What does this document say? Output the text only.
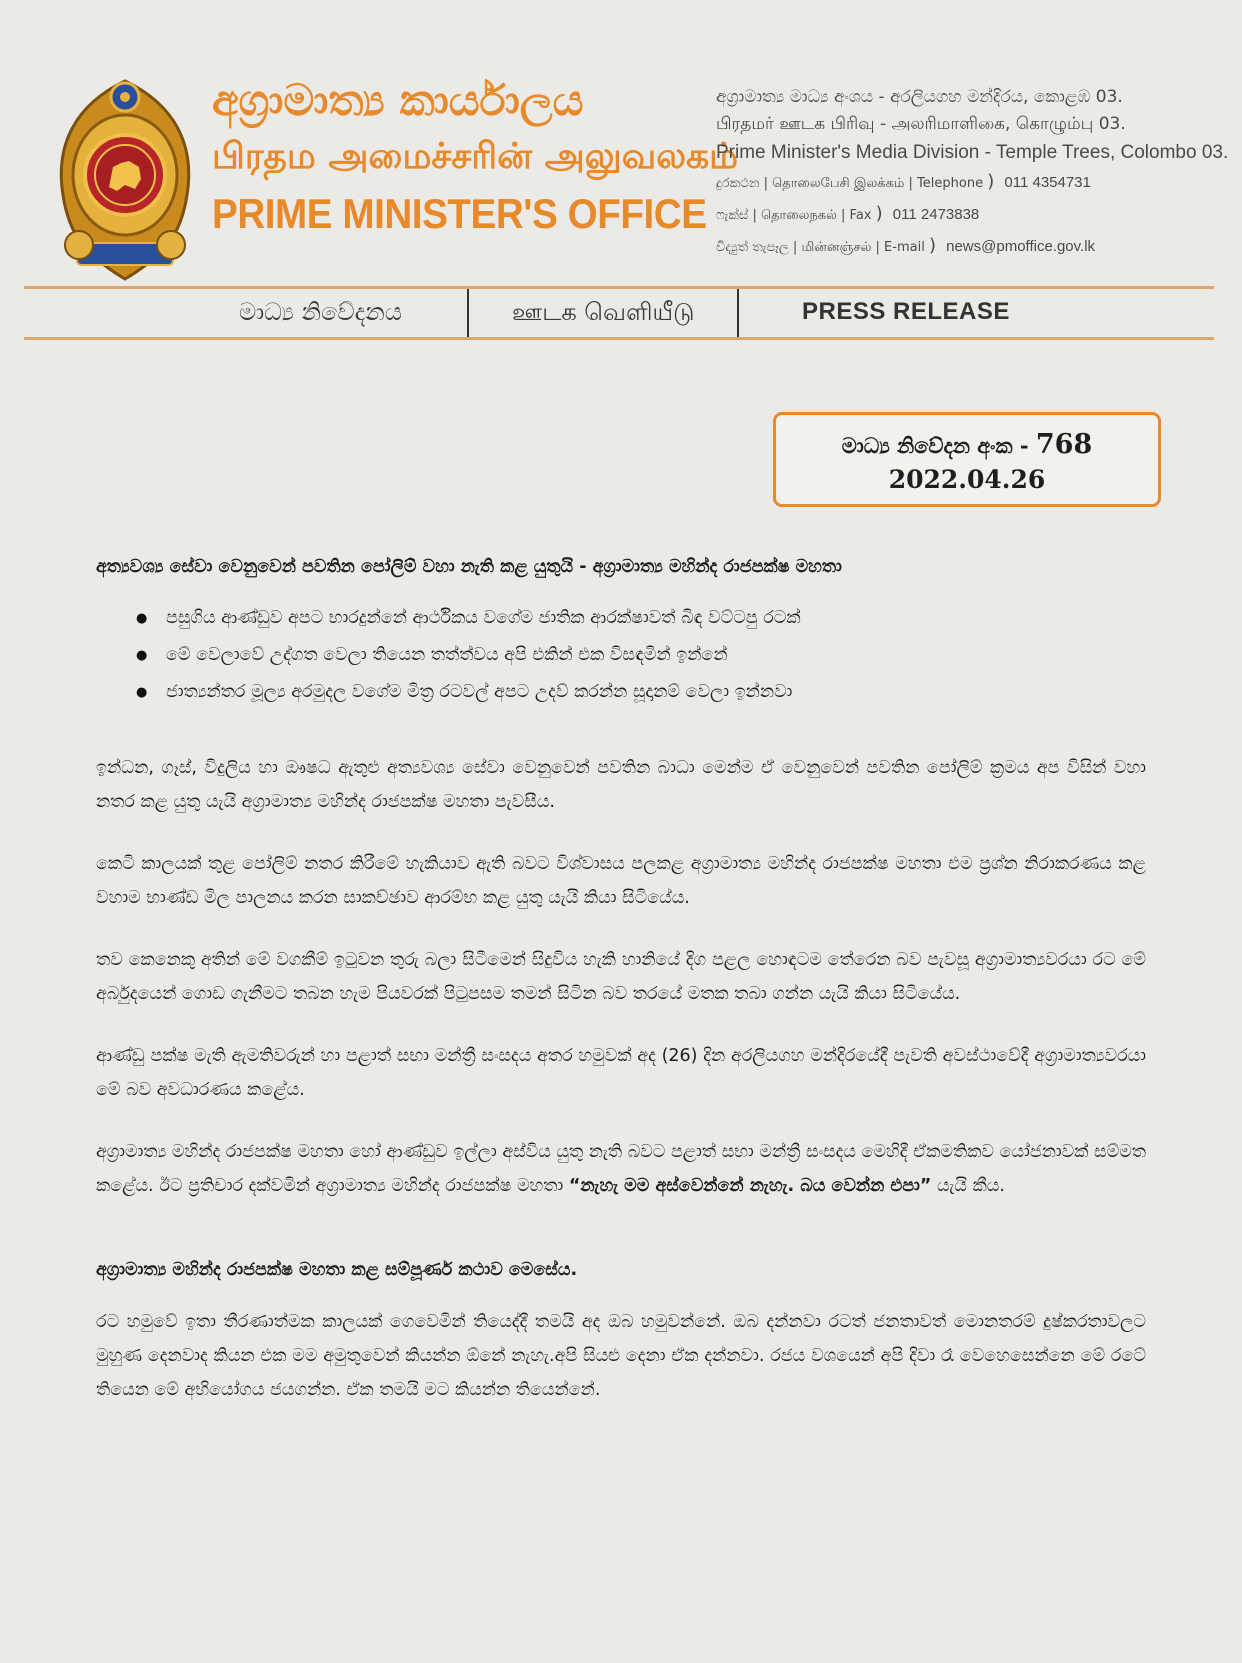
අග්‍රාමාත්‍ය කාර්යාලය
பிரதம அமைச்சரின் அலுவலகம்
PRIME MINISTER'S OFFICE
අග්‍රාමාත්‍ය මාධ්‍ය අංශය - අරලියගහ මන්දිරය, කොළඹ 03.
பிரதமர் ஊடக பிரிவு - அலரிமாளிகை, கொழும்பு 03.
Prime Minister's Media Division - Temple Trees, Colombo 03.
දුරකථන | தொலைபேசி இலக்கம் | Telephone ) 011 4354731
ෆැක්ස් | தொலைநகல் | Fax ) 011 2473838
විද්‍යුත් තැපෑල | மின்னஞ்சல் | E-mail ) news@pmoffice.gov.lk
මාධ්‍ය නිවේදනය	ஊடக வெளியீடு	PRESS RELEASE
මාධ්‍ය නිවේදන අංක - 768
2022.04.26
අත්‍යවශ්‍ය සේවා වෙනුවෙන් පවතින පෝලිම් වහා නැති කළ යුතුයි - අග්‍රාමාත්‍ය මහින්ද රාජපක්ෂ මහතා
● පසුගිය ආණ්ඩුව අපට භාරදුන්නේ ආර්ථිකය වගේම ජාතික ආරක්ෂාවත් බිඳ වට්ටපු රටක්
● මේ වෙලාවේ උද්ගත වෙලා තියෙන තත්ත්වය අපි එකින් එක විසඳමින් ඉන්නේ
● ජාත්‍යන්තර මූල්‍ය අරමුදල වගේම මිත්‍ර රටවල් අපට උදව් කරන්න සූදානම් වෙලා ඉන්නවා

ඉන්ධන, ගෑස්, විදුලිය හා ඖෂධ ඇතුළු අත්‍යවශ්‍ය සේවා වෙනුවෙන් පවතින බාධා මෙන්ම ඒ වෙනුවෙන් පවතින පෝලිම් ක්‍රමය අප විසින් වහා නතර කළ යුතු යැයි අග්‍රාමාත්‍ය මහින්ද රාජපක්ෂ මහතා පැවසීය.

කෙටි කාලයක් තුළ පෝලිම් නතර කිරීමේ හැකියාව ඇති බවට විශ්වාසය පලකළ අග්‍රාමාත්‍ය මහින්ද රාජපක්ෂ මහතා එම ප්‍රශ්න නිරාකරණය කළ වහාම භාණ්ඩ මිල පාලනය කරන සාකච්ඡාව ආරම්භ කළ යුතු යැයි කියා සිටියේය.

තව කෙනෙකු අතින් මේ වගකීම් ඉටුවන තුරු බලා සිටීමෙන් සිදුවිය හැකි හානියේ දිග පළල හොඳටම තේරෙන බව පැවසූ අග්‍රාමාත්‍යවරයා රට මේ අර්බුදයෙන් ගොඩ ගැනීමට තබන හැම පියවරක් පිටුපසම තමන් සිටින බව තරයේ මතක තබා ගන්න යැයි කියා සිටියේය.

ආණ්ඩු පක්ෂ මැති ඇමතිවරුන් හා පළාත් සභා මන්ත්‍රී සංසදය අතර හමුවක් අද (26) දින අරලියගහ මන්දිරයේදී පැවති අවස්ථාවේදී අග්‍රාමාත්‍යවරයා මේ බව අවධාරණය කළේය.

අග්‍රාමාත්‍ය මහින්ද රාජපක්ෂ මහතා හෝ ආණ්ඩුව ඉල්ලා අස්විය යුතු නැති බවට පළාත් සභා මන්ත්‍රී සංසදය මෙහිදී ඒකමතිකව යෝජනාවක් සම්මත කළේය. ඊට ප්‍රතිචාර දක්වමින් අග්‍රාමාත්‍ය මහින්ද රාජපක්ෂ මහතා “නැහැ මම අස්වෙන්නේ නැහැ. බය වෙන්න එපා” යැයි කීය.

අග්‍රාමාත්‍ය මහින්ද රාජපක්ෂ මහතා කළ සම්පූර්ණ කථාව මෙසේය.

රට හමුවේ ඉතා තීරණාත්මක කාලයක් ගෙවෙමින් තියෙද්දී තමයි අද ඔබ හමුවන්නේ. ඔබ දන්නවා රටත් ජනතාවත් මොනතරම් දුෂ්කරතාවලට මුහුණ දෙනවාද කියන එක මම අමුතුවෙන් කියන්න ඕනේ නැහැ.අපි සියළු දෙනා ඒක දන්නවා. රජය වශයෙන් අපි දිවා රෑ වෙහෙසෙන්නෙ මේ රටේ තියෙන මේ අභියෝගය ජයගන්න. ඒක තමයි මට කියන්න තියෙන්නේ.
